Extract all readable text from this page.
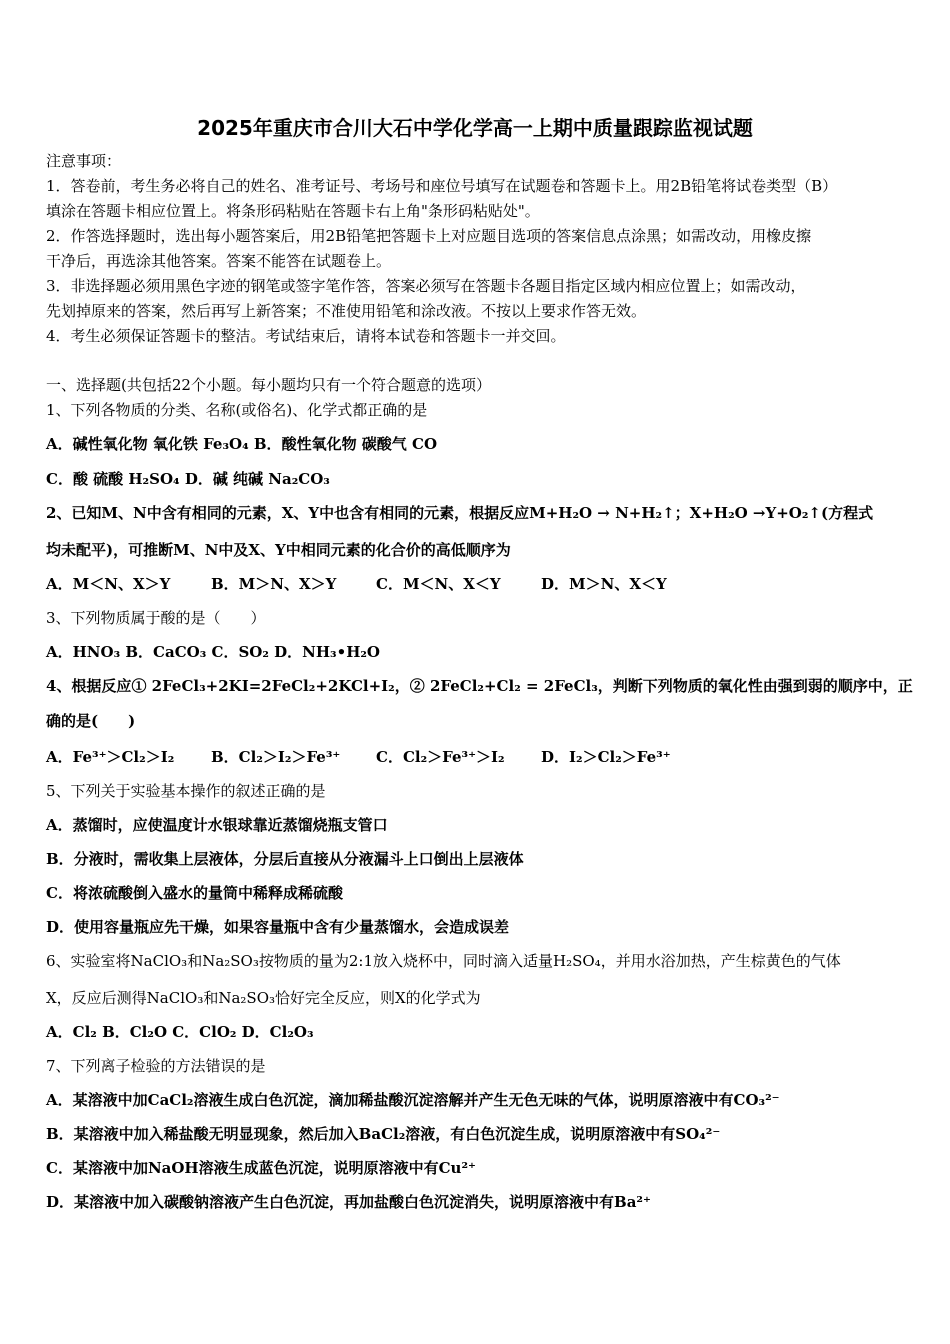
2025年重庆市合川大石中学化学高一上期中质量跟踪监视试题
注意事项：
1．答卷前，考生务必将自己的姓名、准考证号、考场号和座位号填写在试题卷和答题卡上。用2B铅笔将试卷类型（B）
填涂在答题卡相应位置上。将条形码粘贴在答题卡右上角"条形码粘贴处"。
2．作答选择题时，选出每小题答案后，用2B铅笔把答题卡上对应题目选项的答案信息点涂黑；如需改动，用橡皮擦
干净后，再选涂其他答案。答案不能答在试题卷上。
3．非选择题必须用黑色字迹的钢笔或签字笔作答，答案必须写在答题卡各题目指定区域内相应位置上；如需改动，
先划掉原来的答案，然后再写上新答案；不准使用铅笔和涂改液。不按以上要求作答无效。
4．考生必须保证答题卡的整洁。考试结束后，请将本试卷和答题卡一并交回。
一、选择题(共包括22个小题。每小题均只有一个符合题意的选项）
1、下列各物质的分类、名称(或俗名)、化学式都正确的是
A．碱性氧化物 氧化铁 Fe₃O₄ B．酸性氧化物 碳酸气 CO
C．酸 硫酸 H₂SO₄ D．碱 纯碱 Na₂CO₃
2、已知M、N中含有相同的元素，X、Y中也含有相同的元素，根据反应M+H₂O → N+H₂↑；X+H₂O →Y+O₂↑(方程式
均未配平)，可推断M、N中及X、Y中相同元素的化合价的高低顺序为
A．M＜N、X＞Y	B．M＞N、X＞Y	C．M＜N、X＜Y	D．M＞N、X＜Y
3、下列物质属于酸的是（　　）
A．HNO₃ B．CaCO₃ C．SO₂ D．NH₃•H₂O
4、根据反应① 2FeCl₃+2KI=2FeCl₂+2KCl+I₂，② 2FeCl₂+Cl₂ = 2FeCl₃，判断下列物质的氧化性由强到弱的顺序中，正
确的是(　　)
A．Fe³⁺＞Cl₂＞I₂ B．Cl₂＞I₂＞Fe³⁺ C．Cl₂＞Fe³⁺＞I₂ D．I₂＞Cl₂＞Fe³⁺
5、下列关于实验基本操作的叙述正确的是
A．蒸馏时，应使温度计水银球靠近蒸馏烧瓶支管口
B．分液时，需收集上层液体，分层后直接从分液漏斗上口倒出上层液体
C．将浓硫酸倒入盛水的量筒中稀释成稀硫酸
D．使用容量瓶应先干燥，如果容量瓶中含有少量蒸馏水，会造成误差
6、实验室将NaClO₃和Na₂SO₃按物质的量为2:1放入烧杯中，同时滴入适量H₂SO₄，并用水浴加热，产生棕黄色的气体
X，反应后测得NaClO₃和Na₂SO₃恰好完全反应，则X的化学式为
A．Cl₂ B．Cl₂O C．ClO₂ D．Cl₂O₃
7、下列离子检验的方法错误的是
A．某溶液中加CaCl₂溶液生成白色沉淀，滴加稀盐酸沉淀溶解并产生无色无味的气体，说明原溶液中有CO₃²⁻
B．某溶液中加入稀盐酸无明显现象，然后加入BaCl₂溶液，有白色沉淀生成，说明原溶液中有SO₄²⁻
C．某溶液中加NaOH溶液生成蓝色沉淀，说明原溶液中有Cu²⁺
D．某溶液中加入碳酸钠溶液产生白色沉淀，再加盐酸白色沉淀消失，说明原溶液中有Ba²⁺
